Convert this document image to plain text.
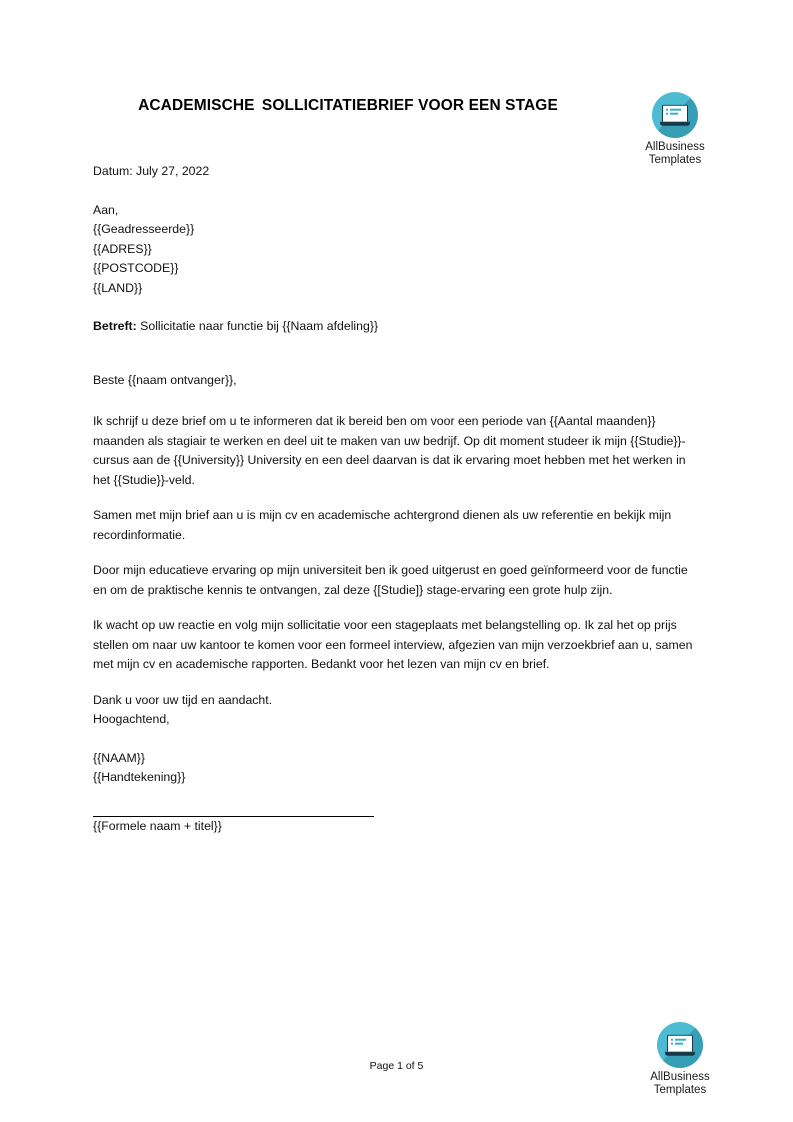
AllBusiness
Templates
ACADEMISCHE SOLLICITATIEBRIEF VOOR EEN STAGE

Datum: July 27, 2022

Aan,

{{Geadresseerde}}

{{ADRES}}

{{POSTCODE}}

{{LAND}}

Betreft: Sollicitatie naar functie bij {{Naam afdeling}}

Beste {{naam ontvanger}},

Ik schrijf u deze brief om u te informeren dat ik bereid ben om voor een periode van {{Aantal maanden}} maanden als stagiair te werken en deel uit te maken van uw bedrijf. Op dit moment studeer ik mijn {{Studie}}-cursus aan de {{University}} University en een deel daarvan is dat ik ervaring moet hebben met het werken in het {{Studie}}-veld.

Samen met mijn brief aan u is mijn cv en academische achtergrond dienen als uw referentie en bekijk mijn recordinformatie.

Door mijn educatieve ervaring op mijn universiteit ben ik goed uitgerust en goed geïnformeerd voor de functie en om de praktische kennis te ontvangen, zal deze {[Studie]} stage-ervaring een grote hulp zijn.

Ik wacht op uw reactie en volg mijn sollicitatie voor een stageplaats met belangstelling op. Ik zal het op prijs stellen om naar uw kantoor te komen voor een formeel interview, afgezien van mijn verzoekbrief aan u, samen met mijn cv en academische rapporten. Bedankt voor het lezen van mijn cv en brief.

Dank u voor uw tijd en aandacht.

Hoogachtend,

{{NAAM}}

{{Handtekening}}

{{Formele naam + titel}}

Page 1 of 5
AllBusiness
Templates
